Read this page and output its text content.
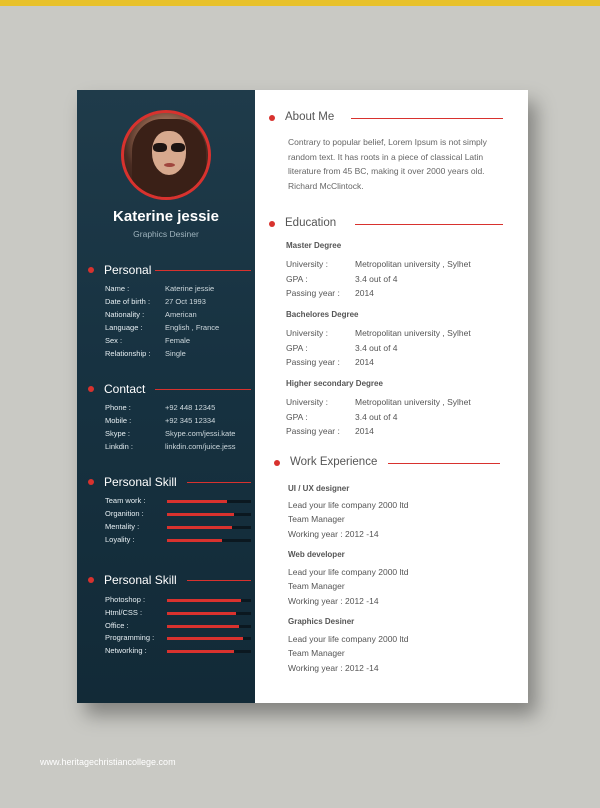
Katerine jessie
Graphics Desiner
Personal
Name :	Katerine jessie
Date of birth : 27 Oct 1993
Nationality :	American
Language :	English , France
Sex :	Female
Relationship : Single
Contact
Phone :	+92 448 12345
Mobile :	+92 345 12334
Skype :	Skype.com/jessi.kate
Linkdin :	linkdin.com/juice.jess
Personal Skill
Team work :
Organition :
Mentality :
Loyality :
Personal Skill
Photoshop :
Html/CSS :
Office :
Programming :
Networking :
About Me
Contrary to popular belief, Lorem Ipsum is not simply random text. It has roots in a piece of classical Latin literature from 45 BC, making it over 2000 years old. Richard McClintock.
Education
Master Degree
University :	Metropolitan university , Sylhet
GPA :	3.4 out of 4
Passing year : 2014
Bachelores Degree
University :	Metropolitan university , Sylhet
GPA :	3.4 out of 4
Passing year : 2014
Higher secondary Degree
University :	Metropolitan university , Sylhet
GPA :	3.4 out of 4
Passing year : 2014
Work Experience
UI / UX designer
Lead your life company 2000 ltd
Team Manager
Working year : 2012 -14
Web developer
Lead your life company 2000 ltd
Team Manager
Working year : 2012 -14
Graphics Desiner
Lead your life company 2000 ltd
Team Manager
Working year : 2012 -14
www.heritagechristiancollege.com
